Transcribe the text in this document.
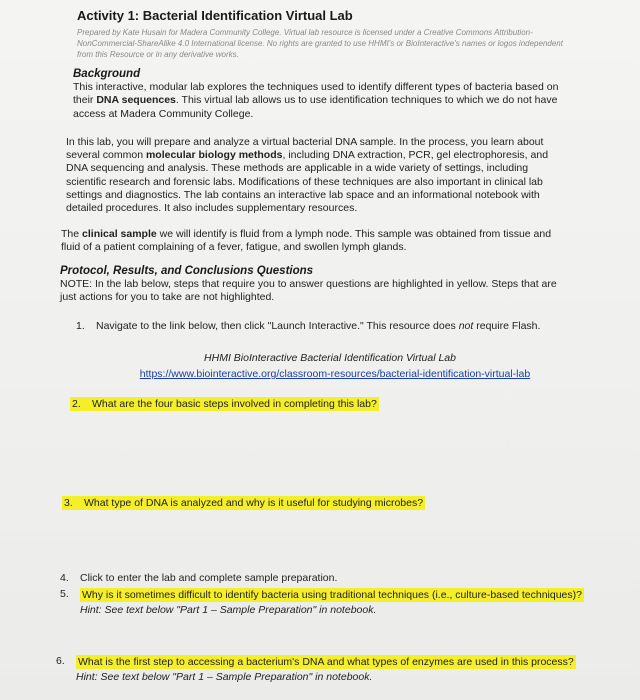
Activity 1: Bacterial Identification Virtual Lab
Prepared by Kate Husain for Madera Community College. Virtual lab resource is licensed under a Creative Commons Attribution-NonCommercial-ShareAlike 4.0 International license. No rights are granted to use HHMI's or BioInteractive's names or logos independent from this Resource or in any derivative works.
Background
This interactive, modular lab explores the techniques used to identify different types of bacteria based on their DNA sequences. This virtual lab allows us to use identification techniques to which we do not have access at Madera Community College.
In this lab, you will prepare and analyze a virtual bacterial DNA sample. In the process, you learn about several common molecular biology methods, including DNA extraction, PCR, gel electrophoresis, and DNA sequencing and analysis. These methods are applicable in a wide variety of settings, including scientific research and forensic labs. Modifications of these techniques are also important in clinical lab settings and diagnostics. The lab contains an interactive lab space and an informational notebook with detailed procedures. It also includes supplementary resources.
The clinical sample we will identify is fluid from a lymph node. This sample was obtained from tissue and fluid of a patient complaining of a fever, fatigue, and swollen lymph glands.
Protocol, Results, and Conclusions Questions
NOTE: In the lab below, steps that require you to answer questions are highlighted in yellow. Steps that are just actions for you to take are not highlighted.
1. Navigate to the link below, then click "Launch Interactive." This resource does not require Flash.
HHMI BioInteractive Bacterial Identification Virtual Lab
https://www.biointeractive.org/classroom-resources/bacterial-identification-virtual-lab
2. What are the four basic steps involved in completing this lab?
3. What type of DNA is analyzed and why is it useful for studying microbes?
4. Click to enter the lab and complete sample preparation.
5.	Why is it sometimes difficult to identify bacteria using traditional techniques (i.e., culture-based techniques)? Hint: See text below "Part 1 – Sample Preparation" in notebook.
6.	What is the first step to accessing a bacterium's DNA and what types of enzymes are used in this process? Hint: See text below "Part 1 – Sample Preparation" in notebook.
